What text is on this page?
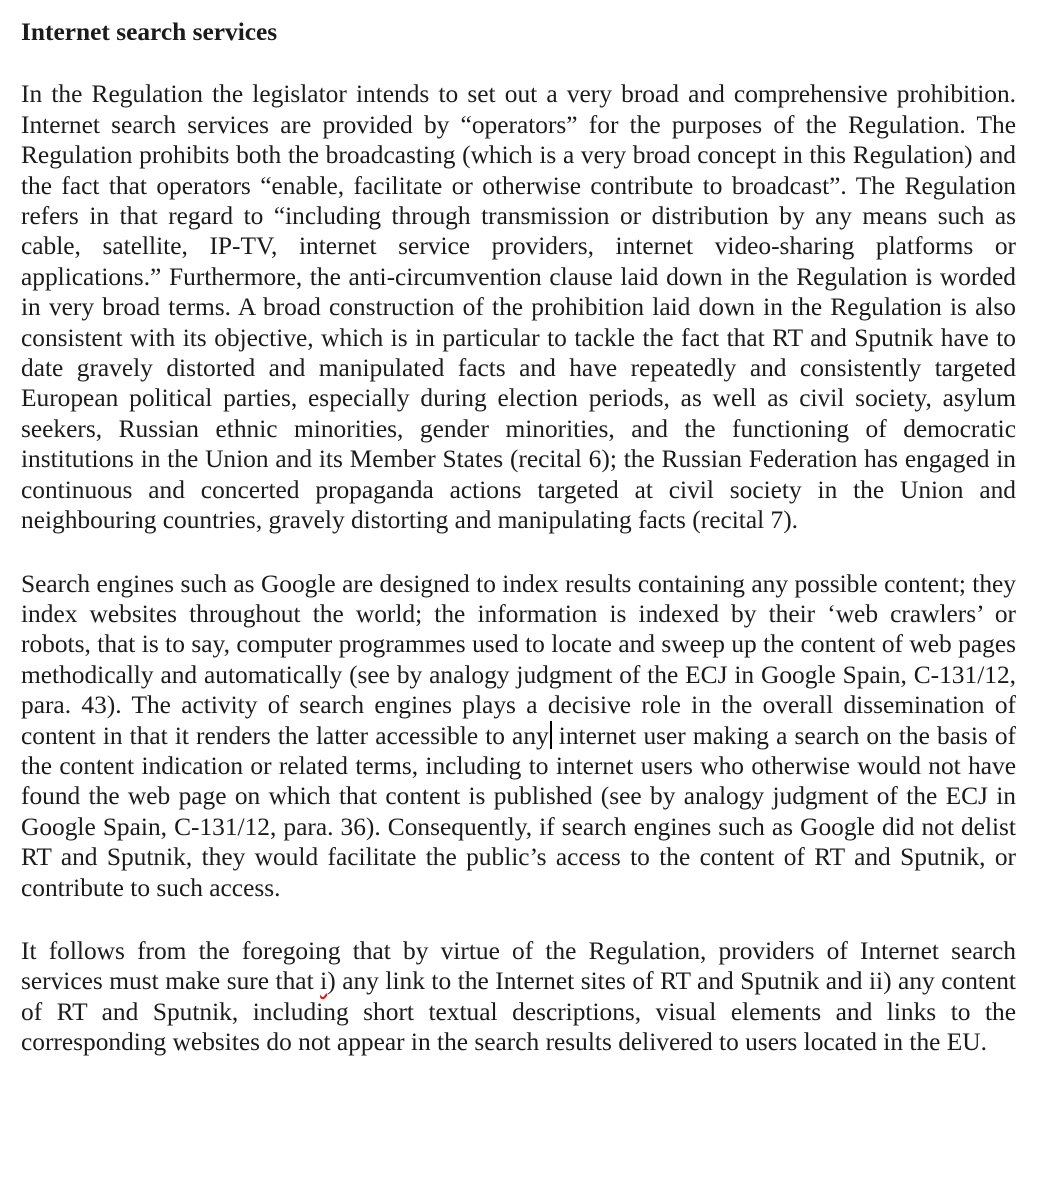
Internet search services

In the Regulation the legislator intends to set out a very broad and comprehensive prohibition. Internet search services are provided by “operators” for the purposes of the Regulation. The Regulation prohibits both the broadcasting (which is a very broad concept in this Regulation) and the fact that operators “enable, facilitate or otherwise contribute to broadcast”. The Regulation refers in that regard to “including through transmission or distribution by any means such as cable, satellite, IP-TV, internet service providers, internet video-sharing platforms or applications.” Furthermore, the anti-circumvention clause laid down in the Regulation is worded in very broad terms. A broad construction of the prohibition laid down in the Regulation is also consistent with its objective, which is in particular to tackle the fact that RT and Sputnik have to date gravely distorted and manipulated facts and have repeatedly and consistently targeted European political parties, especially during election periods, as well as civil society, asylum seekers, Russian ethnic minorities, gender minorities, and the functioning of democratic institutions in the Union and its Member States (recital 6); the Russian Federation has engaged in continuous and concerted propaganda actions targeted at civil society in the Union and neighbouring countries, gravely distorting and manipulating facts (recital 7).

Search engines such as Google are designed to index results containing any possible content; they index websites throughout the world; the information is indexed by their ‘web crawlers’ or robots, that is to say, computer programmes used to locate and sweep up the content of web pages methodically and automatically (see by analogy judgment of the ECJ in Google Spain, C-131/12, para. 43). The activity of search engines plays a decisive role in the overall dissemination of content in that it renders the latter accessible to any internet user making a search on the basis of the content indication or related terms, including to internet users who otherwise would not have found the web page on which that content is published (see by analogy judgment of the ECJ in Google Spain, C-131/12, para. 36). Consequently, if search engines such as Google did not delist RT and Sputnik, they would facilitate the public’s access to the content of RT and Sputnik, or contribute to such access.

It follows from the foregoing that by virtue of the Regulation, providers of Internet search services must make sure that i) any link to the Internet sites of RT and Sputnik and ii) any content of RT and Sputnik, including short textual descriptions, visual elements and links to the corresponding websites do not appear in the search results delivered to users located in the EU.
